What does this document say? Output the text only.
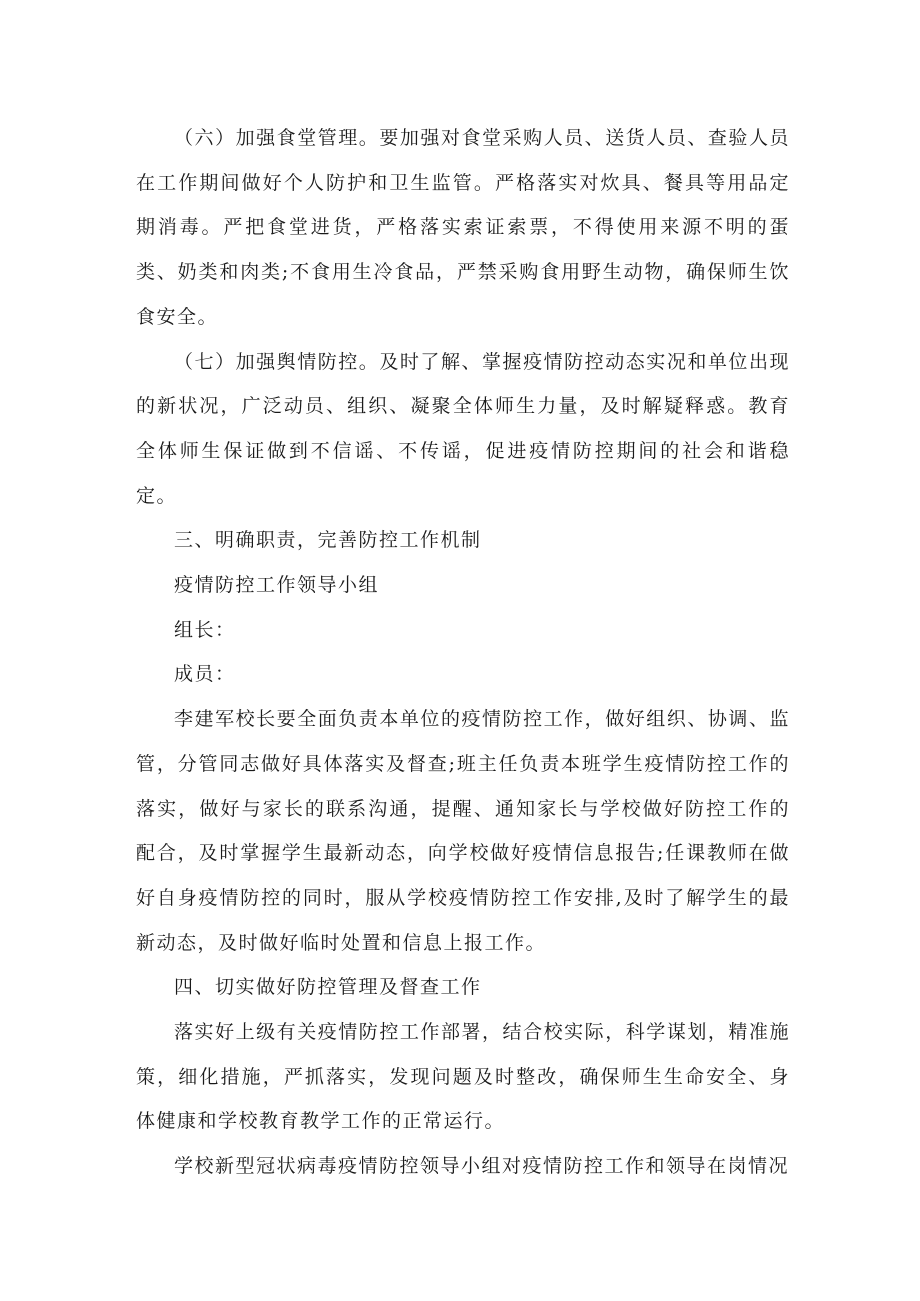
（六）加强食堂管理。要加强对食堂采购人员、送货人员、查验人员在工作期间做好个人防护和卫生监管。严格落实对炊具、餐具等用品定期消毒。严把食堂进货，严格落实索证索票，不得使用来源不明的蛋类、奶类和肉类;不食用生冷食品，严禁采购食用野生动物，确保师生饮食安全。

（七）加强舆情防控。及时了解、掌握疫情防控动态实况和单位出现的新状况，广泛动员、组织、凝聚全体师生力量，及时解疑释惑。教育全体师生保证做到不信谣、不传谣，促进疫情防控期间的社会和谐稳定。

三、明确职责，完善防控工作机制

疫情防控工作领导小组

组长：

成员：

李建军校长要全面负责本单位的疫情防控工作，做好组织、协调、监管，分管同志做好具体落实及督查;班主任负责本班学生疫情防控工作的落实，做好与家长的联系沟通，提醒、通知家长与学校做好防控工作的配合，及时掌握学生最新动态，向学校做好疫情信息报告;任课教师在做好自身疫情防控的同时，服从学校疫情防控工作安排,及时了解学生的最新动态，及时做好临时处置和信息上报工作。

四、切实做好防控管理及督查工作

落实好上级有关疫情防控工作部署，结合校实际，科学谋划，精准施策，细化措施，严抓落实，发现问题及时整改，确保师生生命安全、身体健康和学校教育教学工作的正常运行。

学校新型冠状病毒疫情防控领导小组对疫情防控工作和领导在岗情况
